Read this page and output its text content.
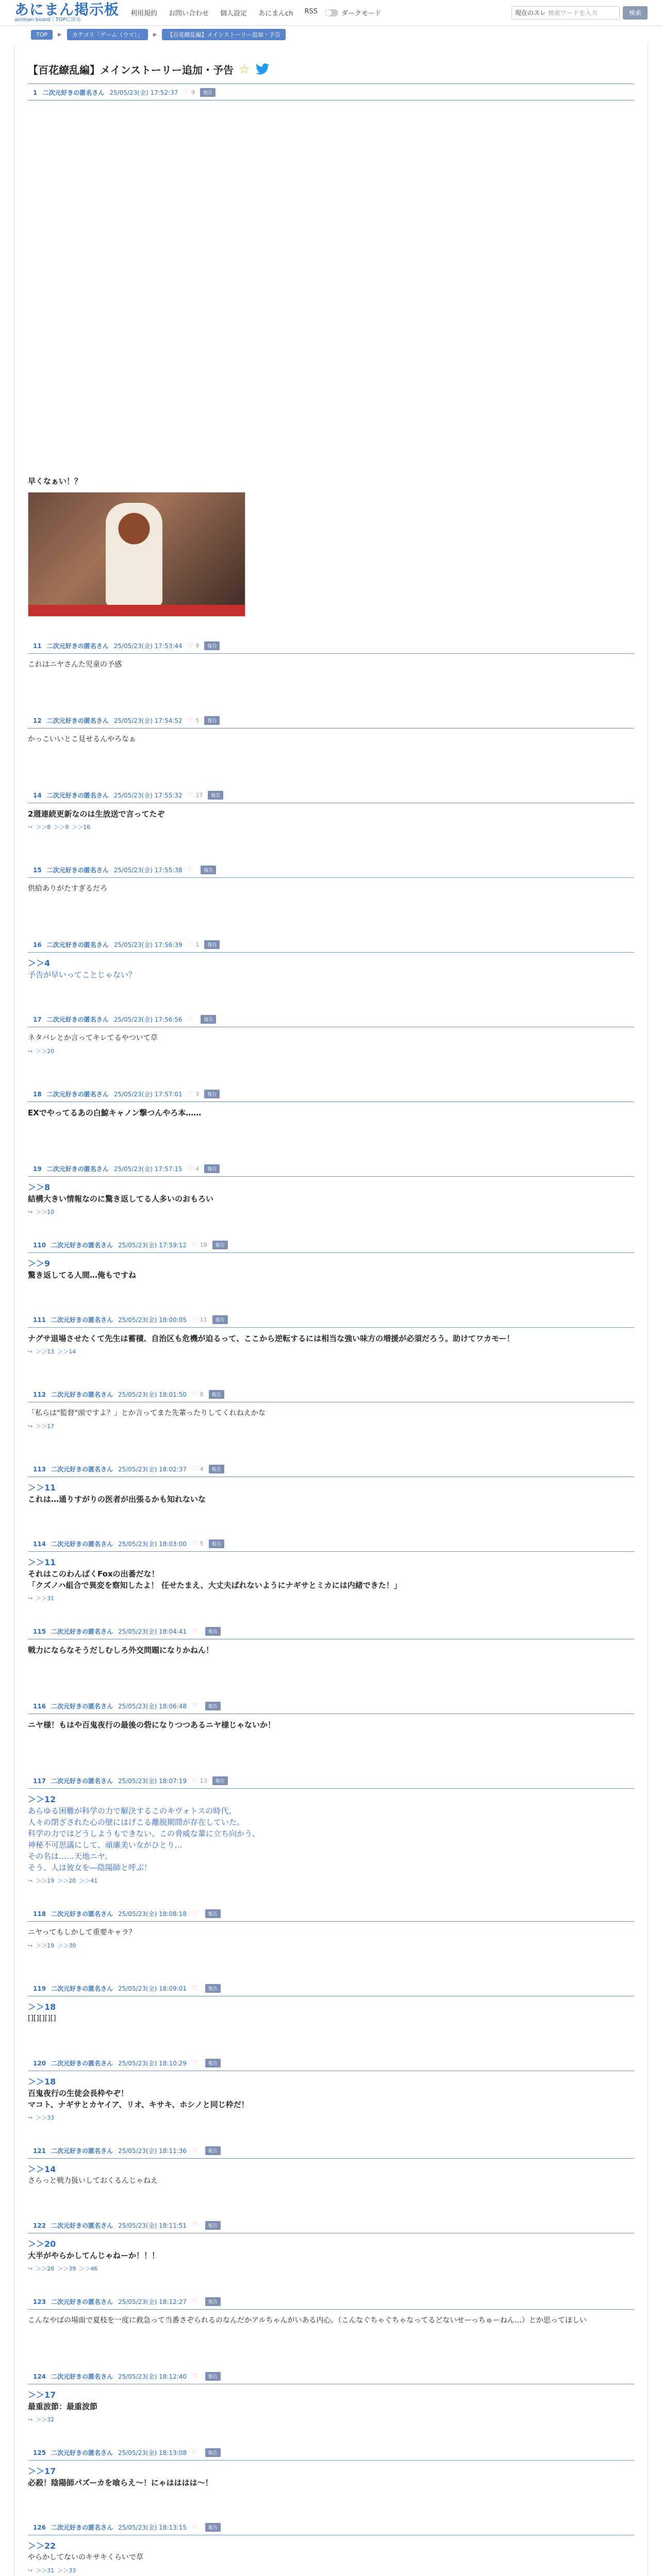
あにまん掲示板
animan board｜TOPに戻る
利用規約 お問い合わせ 個人設定 あにまんch RSS	ダークモード	現在のスレ 検索ワードを入力	検索
TOP	▶	カテゴリ「ゲーム（ウマ）」	▶	【百花繚乱編】メインストーリー追加・予告
【百花繚乱編】メインストーリー追加・予告 ☆
1 二次元好きの匿名さん 25/05/23(金) 17:52:37 ♡ 9	報告
早くなぁい！？
11 二次元好きの匿名さん 25/05/23(金) 17:53:44 ♡ 9	報告
これはニヤさんた児童の予感
12 二次元好きの匿名さん 25/05/23(金) 17:54:52 ♡ 5	報告
かっこいいとこ見せるんやろなぁ
14 二次元好きの匿名さん 25/05/23(金) 17:55:32 ♡ 17	報告
2週連続更新なのは生放送で言ってたぞ
↪ ＞＞8 ＞＞9 ＞＞16
15 二次元好きの匿名さん 25/05/23(金) 17:55:38 ♡	報告
供給ありがたすぎるだろ
16 二次元好きの匿名さん 25/05/23(金) 17:56:39 ♡ 1	報告
＞＞4
予告が早いってことじゃない？
17 二次元好きの匿名さん 25/05/23(金) 17:56:56 ♡	報告
ネタバレとか言ってキレてるやついて草
↪ ＞＞20
18 二次元好きの匿名さん 25/05/23(金) 17:57:01 ♡ 3	報告
EXでやってるあの白鯨キャノン撃つんやろ本……
19 二次元好きの匿名さん 25/05/23(金) 17:57:15 ♡ 4	報告
＞＞8
結構大きい情報なのに驚き返してる人多いのおもろい
↪ ＞＞10
110 二次元好きの匿名さん 25/05/23(金) 17:59:12 ♡ 18	報告
＞＞9
驚き返してる人間…俺もですね
111 二次元好きの匿名さん 25/05/23(金) 18:00:05 ♡ 11	報告
ナグサ退場させたくて先生は蓄積、自治区も危機が迫るって、ここから逆転するには相当な強い味方の増援が必須だろう。助けてワカモー！
↪ ＞＞13 ＞＞14
112 二次元好きの匿名さん 25/05/23(金) 18:01:50 ♡ 8	報告
「私らは"監督"頭ですよ？」とか言ってまた先輩ったりしてくれねえかな
↪ ＞＞17
113 二次元好きの匿名さん 25/05/23(金) 18:02:37 ♡ 4	報告
＞＞11
これは…通りすがりの医者が出張るかも知れないな
114 二次元好きの匿名さん 25/05/23(金) 18:03:00 ♡ 5	報告
＞＞11
それはこのわんばくFoxの出番だな！
「クズノハ組合で異変を察知したよ！ 任せたまえ、大丈夫ばれないようにナギサとミカには内緒できた！」
↪ ＞＞31
115 二次元好きの匿名さん 25/05/23(金) 18:04:41 ♡	報告
戦力にならなそうだしむしろ外交問題になりかねん！
116 二次元好きの匿名さん 25/05/23(金) 18:06:48 ♡	報告
ニヤ様！もはや百鬼夜行の最後の砦になりつつあるニヤ様じゃないか！
117 二次元好きの匿名さん 25/05/23(金) 18:07:19 ♡ 13	報告
＞＞12
あらゆる困難が科学の力で解決するこのキヴォトスの時代。
人々の閉ざされた心の壁にはげこる離脱期間が存在していた。
科学の力ではどうしようもできない、この脅威な輩に立ち向かう、
神秘不可思議にして、頑廉美い女がひとり…
その名は……天地ニヤ。
そう、人は彼女を―陰陽師と呼ぶ！
↪ ＞＞19 ＞＞20 ＞＞41
118 二次元好きの匿名さん 25/05/23(金) 18:08:18 ♡	報告
ニヤってもしかして重要キャラ？
↪ ＞＞19 ＞＞30
119 二次元好きの匿名さん 25/05/23(金) 18:09:01 ♡	報告
＞＞18
[][][][][]
120 二次元好きの匿名さん 25/05/23(金) 18:10:29 ♡	報告
＞＞18
百鬼夜行の生徒会長枠やぞ！
マコト、ナギサとカヤイア、リオ、キサキ、ホシノと同じ枠だ！
↪ ＞＞33
121 二次元好きの匿名さん 25/05/23(金) 18:11:36 ♡	報告
＞＞14
さらっと戦力扱いしておくるんじゃねえ
122 二次元好きの匿名さん 25/05/23(金) 18:11:51 ♡	報告
＞＞20
大半がやらかしてんじゃねーか！！！
↪ ＞＞28 ＞＞39 ＞＞46
123 二次元好きの匿名さん 25/05/23(金) 18:12:27 ♡	報告
こんなやばの場面で夏枝を一度に救急って当番さぞられるのなんだかアルちゃんがいある内心。（こんなぐちゃぐちゃなってるどないせーっちゅーねん…）とか思ってほしい
124 二次元好きの匿名さん 25/05/23(金) 18:12:40 ♡	報告
＞＞17
最重波節：最重波節
↪ ＞＞32
125 二次元好きの匿名さん 25/05/23(金) 18:13:08 ♡	報告
＞＞17
必殺！陰陽師パズーカを喰らえ～！にゃはははは～！
126 二次元好きの匿名さん 25/05/23(金) 18:13:15 ♡	報告
＞＞22
やらかしてないのキサキくらいで草
↪ ＞＞31 ＞＞33
